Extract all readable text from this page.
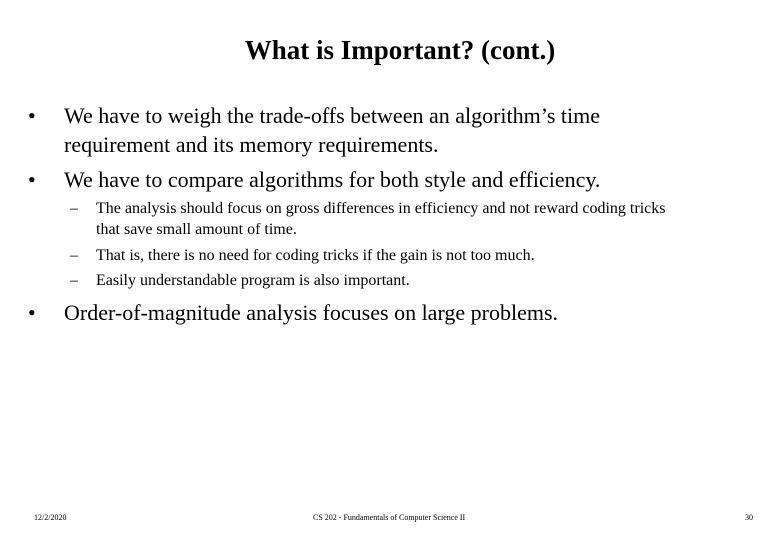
What is Important? (cont.)
•	We have to weigh the trade-offs between an algorithm’s time
requirement and its memory requirements.
•	We have to compare algorithms for both style and efficiency.
– The analysis should focus on gross differences in efficiency and not reward coding tricks
that save small amount of time.
– That is, there is no need for coding tricks if the gain is not too much.
– Easily understandable program is also important.
•	Order-of-magnitude analysis focuses on large problems.
12/2/2020	CS 202 - Fundamentals of Computer Science II	30
